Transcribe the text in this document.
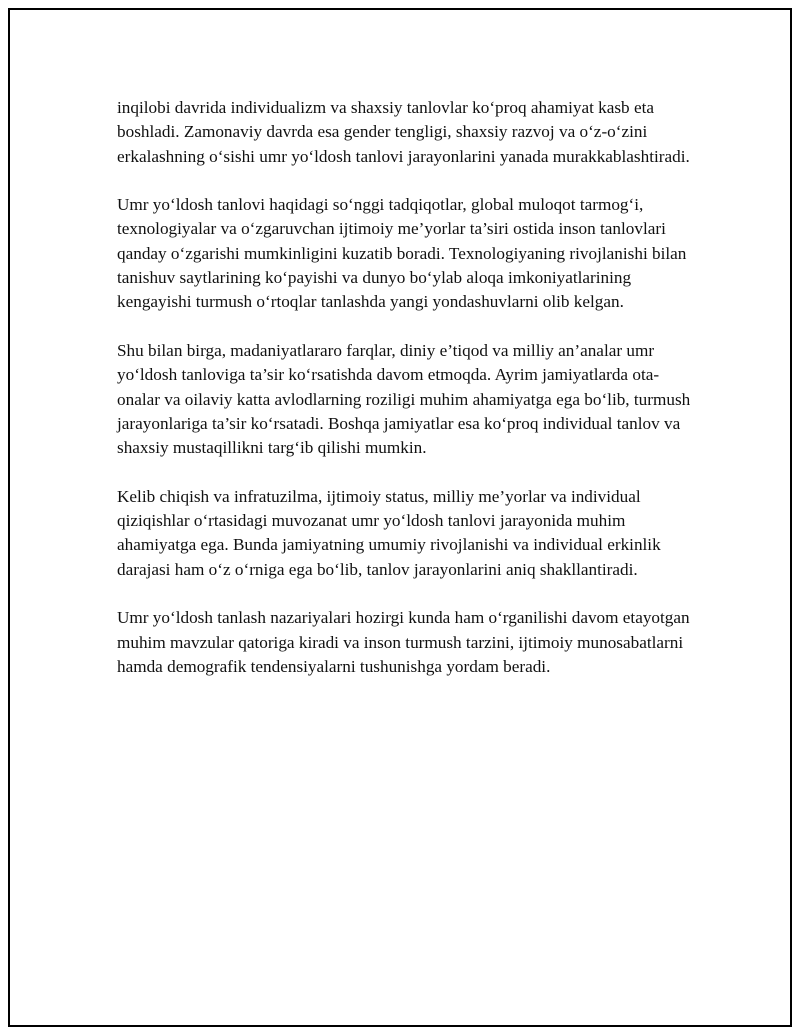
inqilobi davrida individualizm va shaxsiy tanlovlar ko‘proq ahamiyat kasb eta boshladi. Zamonaviy davrda esa gender tengligi, shaxsiy razvoj va o‘z-o‘zini erkalashning o‘sishi umr yo‘ldosh tanlovi jarayonlarini yanada murakkablashtiradi.

Umr yo‘ldosh tanlovi haqidagi so‘nggi tadqiqotlar, global muloqot tarmog‘i, texnologiyalar va o‘zgaruvchan ijtimoiy me’yorlar ta’siri ostida inson tanlovlari qanday o‘zgarishi mumkinligini kuzatib boradi. Texnologiyaning rivojlanishi bilan tanishuv saytlarining ko‘payishi va dunyo bo‘ylab aloqa imkoniyatlarining kengayishi turmush o‘rtoqlar tanlashda yangi yondashuvlarni olib kelgan.

Shu bilan birga, madaniyatlararo farqlar, diniy e’tiqod va milliy an’analar umr yo‘ldosh tanloviga ta’sir ko‘rsatishda davom etmoqda. Ayrim jamiyatlarda ota-onalar va oilaviy katta avlodlarning roziligi muhim ahamiyatga ega bo‘lib, turmush jarayonlariga ta’sir ko‘rsatadi. Boshqa jamiyatlar esa ko‘proq individual tanlov va shaxsiy mustaqillikni targ‘ib qilishi mumkin.

Kelib chiqish va infratuzilma, ijtimoiy status, milliy me’yorlar va individual qiziqishlar o‘rtasidagi muvozanat umr yo‘ldosh tanlovi jarayonida muhim ahamiyatga ega. Bunda jamiyatning umumiy rivojlanishi va individual erkinlik darajasi ham o‘z o‘rniga ega bo‘lib, tanlov jarayonlarini aniq shakllantiradi.

Umr yo‘ldosh tanlash nazariyalari hozirgi kunda ham o‘rganilishi davom etayotgan muhim mavzular qatoriga kiradi va inson turmush tarzini, ijtimoiy munosabatlarni hamda demografik tendensiyalarni tushunishga yordam beradi.
